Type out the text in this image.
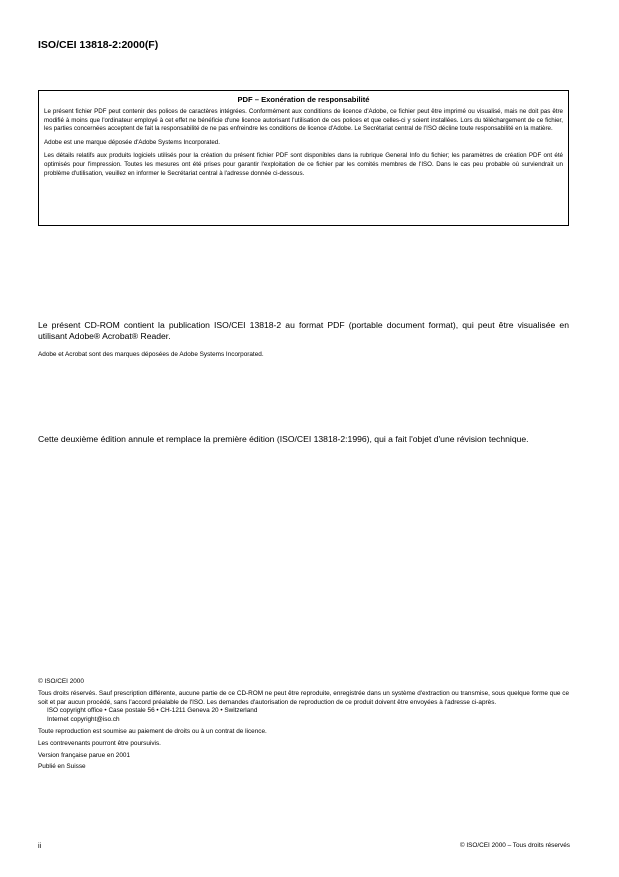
ISO/CEI 13818-2:2000(F)

PDF – Exonération de responsabilité

Le présent fichier PDF peut contenir des polices de caractères intégrées. Conformément aux conditions de licence d'Adobe, ce fichier peut être imprimé ou visualisé, mais ne doit pas être modifié à moins que l'ordinateur employé à cet effet ne bénéficie d'une licence autorisant l'utilisation de ces polices et que celles-ci y soient installées. Lors du téléchargement de ce fichier, les parties concernées acceptent de fait la responsabilité de ne pas enfreindre les conditions de licence d'Adobe. Le Secrétariat central de l'ISO décline toute responsabilité en la matière.

Adobe est une marque déposée d'Adobe Systems Incorporated.

Les détails relatifs aux produits logiciels utilisés pour la création du présent fichier PDF sont disponibles dans la rubrique General Info du fichier; les paramètres de création PDF ont été optimisés pour l'impression. Toutes les mesures ont été prises pour garantir l'exploitation de ce fichier par les comités membres de l'ISO. Dans le cas peu probable où surviendrait un problème d'utilisation, veuillez en informer le Secrétariat central à l'adresse donnée ci-dessous.

Le présent CD-ROM contient la publication ISO/CEI 13818-2 au format PDF (portable document format), qui peut être visualisée en utilisant Adobe® Acrobat® Reader.
Adobe et Acrobat sont des marques déposées de Adobe Systems Incorporated.
Cette deuxième édition annule et remplace la première édition (ISO/CEI 13818-2:1996), qui a fait l'objet d'une révision technique.

© ISO/CEI 2000

Tous droits réservés. Sauf prescription différente, aucune partie de ce CD-ROM ne peut être reproduite, enregistrée dans un système d'extraction ou transmise, sous quelque forme que ce soit et par aucun procédé, sans l'accord préalable de l'ISO. Les demandes d'autorisation de reproduction de ce produit doivent être envoyées à l'adresse ci-après.

ISO copyright office • Case postale 56 • CH-1211 Geneva 20 • Switzerland

Internet copyright@iso.ch

Toute reproduction est soumise au paiement de droits ou à un contrat de licence.

Les contrevenants pourront être poursuivis.

Version française parue en 2001

Publié en Suisse

ii	© ISO/CEI 2000 – Tous droits réservés
